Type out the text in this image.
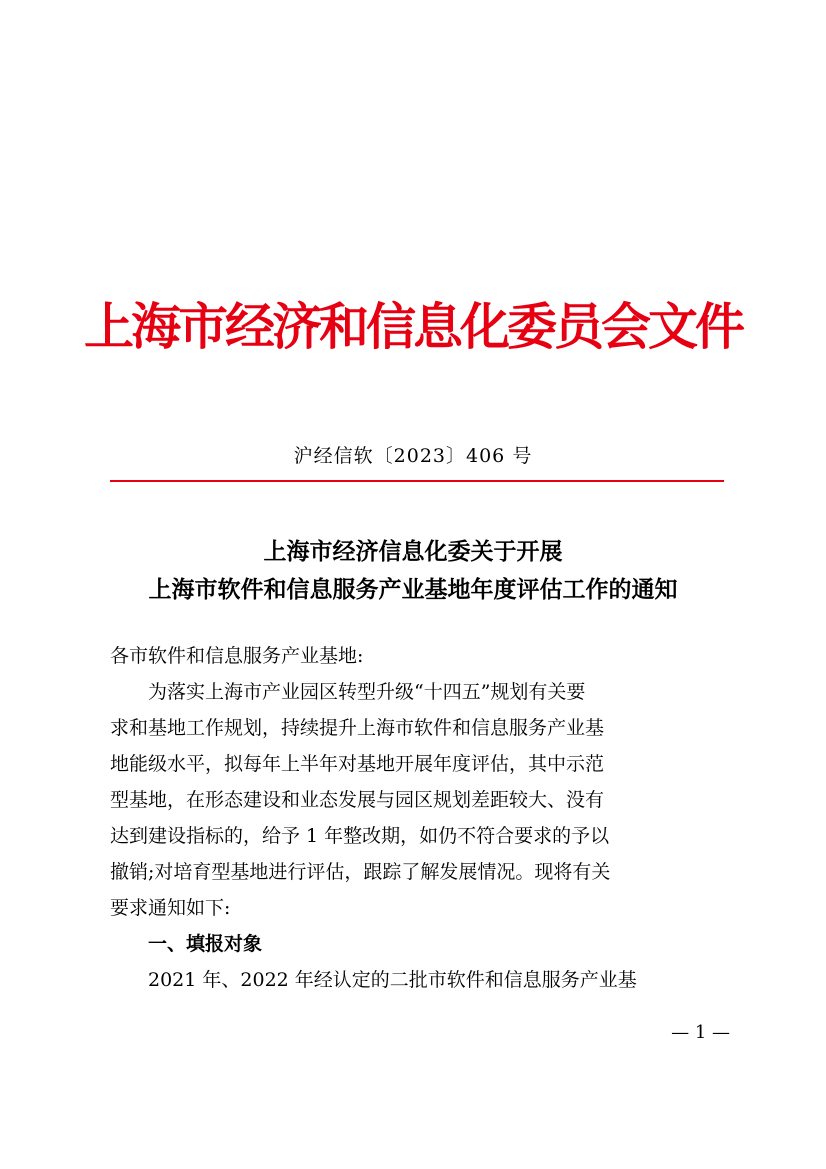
上海市经济和信息化委员会文件
沪经信软〔2023〕406 号
上海市经济信息化委关于开展
上海市软件和信息服务产业基地年度评估工作的通知
各市软件和信息服务产业基地:
为落实上海市产业园区转型升级“十四五”规划有关要
求和基地工作规划，持续提升上海市软件和信息服务产业基
地能级水平，拟每年上半年对基地开展年度评估，其中示范
型基地，在形态建设和业态发展与园区规划差距较大、没有
达到建设指标的，给予 1 年整改期，如仍不符合要求的予以
撤销;对培育型基地进行评估，跟踪了解发展情况。现将有关
要求通知如下:
一、填报对象
2021 年、2022 年经认定的二批市软件和信息服务产业基
— 1 —
